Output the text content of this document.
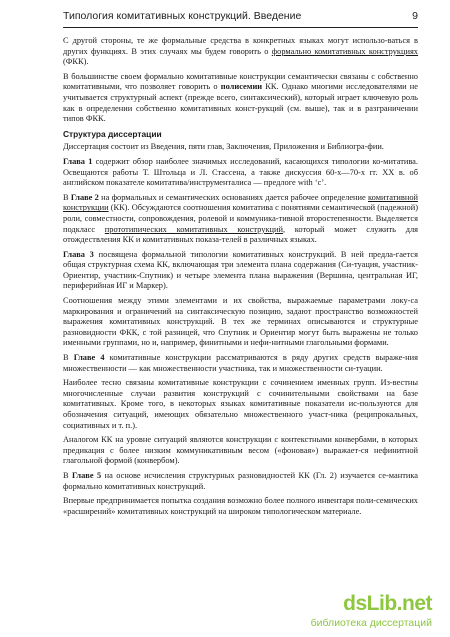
Типология комитативных конструкций. Введение	9

С другой стороны, те же формальные средства в конкретных языках могут использо-ваться в других функциях. В этих случаях мы будем говорить о формально комитативных конструкциях (ФКК).

В большинстве своем формально комитативные конструкции семантически связаны с собственно комитативными, что позволяет говорить о полисемии КК. Однако многими исследователями не учитывается структурный аспект (прежде всего, синтаксический), который играет ключевую роль как в определении собственно комитативных конст-рукций (см. выше), так и в разграничении типов ФКК.

Структура диссертации

Диссертация состоит из Введения, пяти глав, Заключения, Приложения и Библиогра-фии.

Глава 1 содержит обзор наиболее значимых исследований, касающихся типологии ко-митатива. Освещаются работы Т. Штольца и Л. Стассена, а также дискуссия 60-х—70-х гг. XX в. об английском показателе комитатива/инструменталиса — предлоге with ‘с’.

В Главе 2 на формальных и семантических основаниях дается рабочее определение комитативной конструкции (КК). Обсуждаются соотношения комитатива с понятиями семантической (падежной) роли, совместности, сопровождения, ролевой и коммуника-тивной второстепенности. Выделяется подкласс прототипических комитативных конструкций, который может служить для отождествления КК и комитативных показа-телей в различных языках.

Глава 3 посвящена формальной типологии комитативных конструкций. В ней предла-гается общая структурная схема КК, включающая три элемента плана содержания (Си-туация, участник-Ориентир, участник-Спутник) и четыре элемента плана выражения (Вершина, центральная ИГ, периферийная ИГ и Маркер).

Соотношения между этими элементами и их свойства, выражаемые параметрами локу-са маркирования и ограничений на синтаксическую позицию, задают пространство возможностей выражения комитативных конструкций. В тех же терминах описываются и структурные разновидности ФКК, с той разницей, что Спутник и Ориентир могут быть выражены не только именными группами, но и, например, финитными и нефи-нитными глагольными формами.

В Главе 4 комитативные конструкции рассматриваются в ряду других средств выраже-ния множественности — как множественности участника, так и множественности си-туации.

Наиболее тесно связаны комитативные конструкции с сочинением именных групп. Из-вестны многочисленные случаи развития конструкций с сочинительными свойствами на базе комитативных. Кроме того, в некоторых языках комитативные показатели ис-пользуются для обозначения ситуаций, имеющих обязательно множественного участ-ника (реципрокальных, социативных и т. п.).

Аналогом КК на уровне ситуаций являются конструкции с контекстными конвербами, в которых предикация с более низким коммуникативным весом («фоновая») выражает-ся нефинитной глагольной формой (конвербом).

В Главе 5 на основе исчисления структурных разновидностей КК (Гл. 2) изучается се-мантика формально комитативных конструкций.

Впервые предпринимается попытка создания возможно более полного инвентаря поли-семических «расширений» комитативных конструкций на широком типологическом материале.

dsLib.net
библиотека диссертаций
